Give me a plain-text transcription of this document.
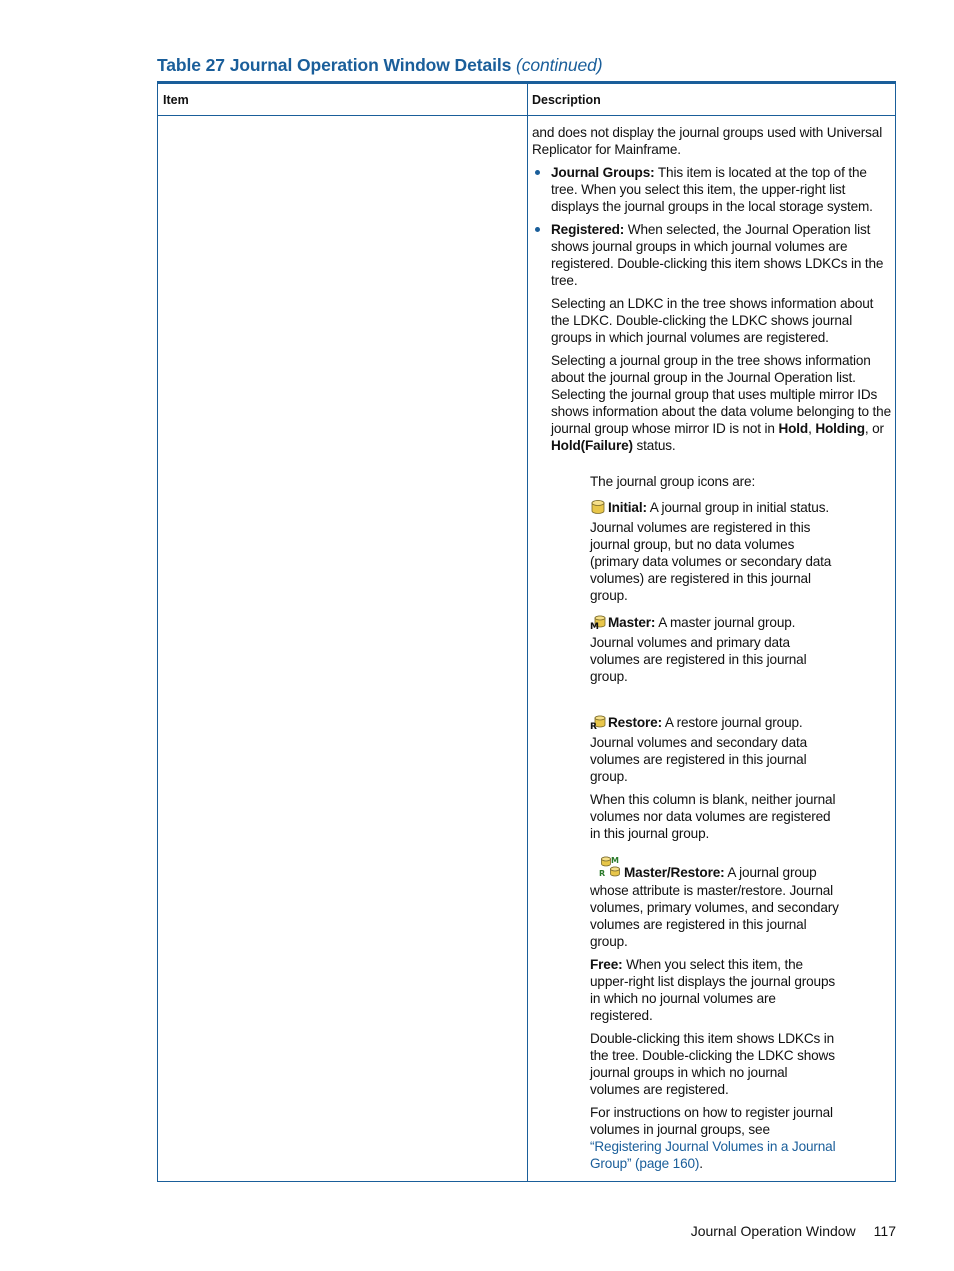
Table 27 Journal Operation Window Details (continued)
Item	Description

and does not display the journal groups used with Universal Replicator for Mainframe.

Journal Groups: This item is located at the top of the tree. When you select this item, the upper-right list displays the journal groups in the local storage system.
Registered: When selected, the Journal Operation list shows journal groups in which journal volumes are registered. Double-clicking this item shows LDKCs in the tree.

Selecting an LDKC in the tree shows information about the LDKC. Double-clicking the LDKC shows journal groups in which journal volumes are registered.

Selecting a journal group in the tree shows information about the journal group in the Journal Operation list. Selecting the journal group that uses multiple mirror IDs shows information about the data volume belonging to the journal group whose mirror ID is not in Hold, Holding, or Hold(Failure) status.

The journal group icons are:

Initial: A journal group in initial status. Journal volumes are registered in this journal group, but no data volumes (primary data volumes or secondary data volumes) are registered in this journal group.

M Master: A master journal group. Journal volumes and primary data volumes are registered in this journal group.

R Restore: A restore journal group. Journal volumes and secondary data volumes are registered in this journal group.

When this column is blank, neither journal volumes nor data volumes are registered in this journal group.

M
R Master/Restore: A journal group whose attribute is master/restore. Journal volumes, primary volumes, and secondary volumes are registered in this journal group.

Free: When you select this item, the upper-right list displays the journal groups in which no journal volumes are registered.

Double-clicking this item shows LDKCs in the tree. Double-clicking the LDKC shows journal groups in which no journal volumes are registered.

For instructions on how to register journal volumes in journal groups, see “Registering Journal Volumes in a Journal Group” (page 160).

Journal Operation Window 117
